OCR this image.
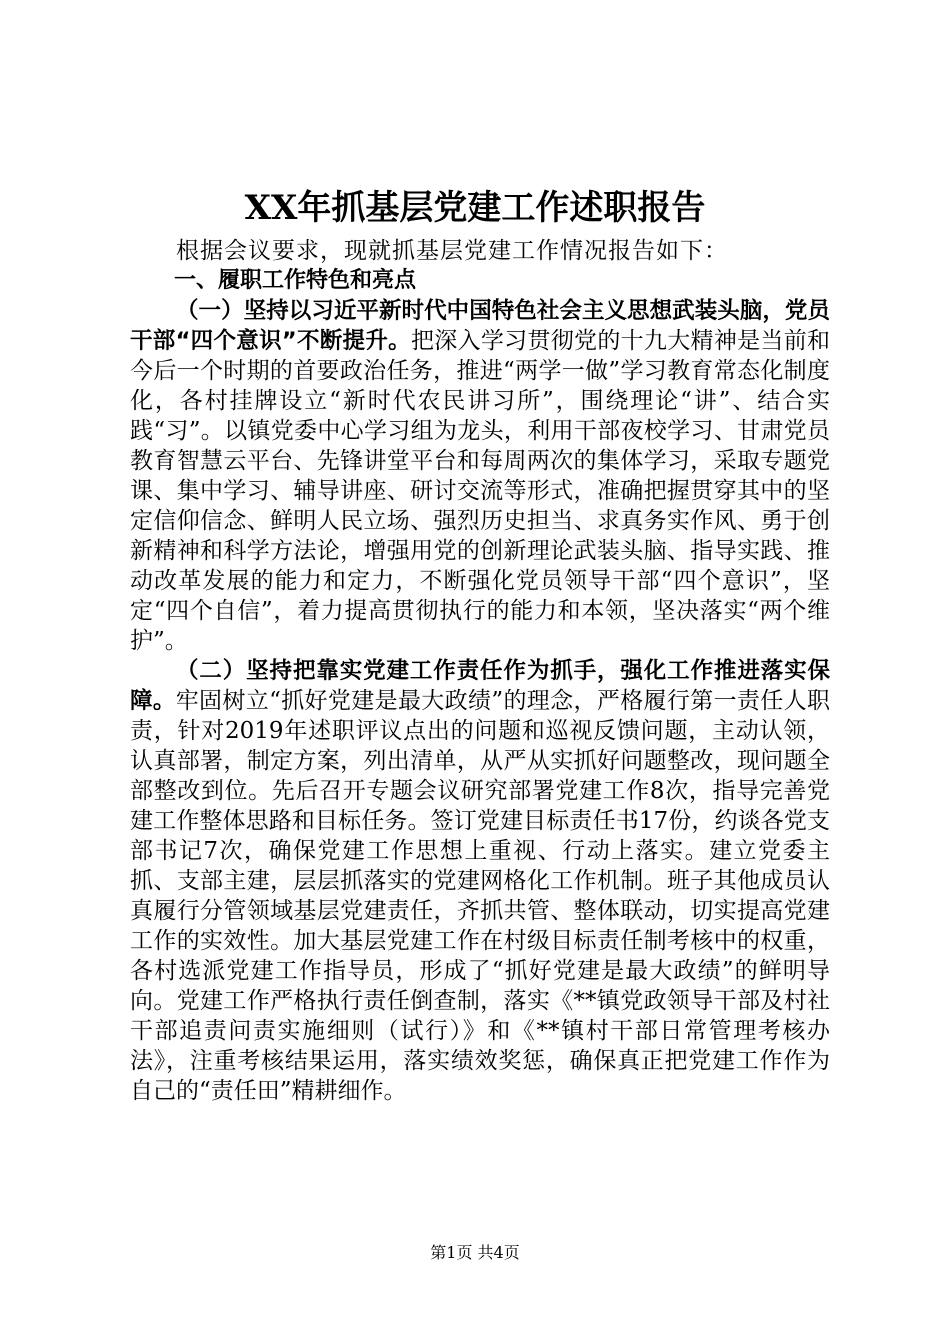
XX年抓基层党建工作述职报告

根据会议要求，现就抓基层党建工作情况报告如下：

一、履职工作特色和亮点

（一）坚持以习近平新时代中国特色社会主义思想武装头脑，党员干部“四个意识”不断提升。把深入学习贯彻党的十九大精神是当前和今后一个时期的首要政治任务，推进“两学一做”学习教育常态化制度化，各村挂牌设立“新时代农民讲习所”，围绕理论“讲”、结合实践“习”。以镇党委中心学习组为龙头，利用干部夜校学习、甘肃党员教育智慧云平台、先锋讲堂平台和每周两次的集体学习，采取专题党课、集中学习、辅导讲座、研讨交流等形式，准确把握贯穿其中的坚定信仰信念、鲜明人民立场、强烈历史担当、求真务实作风、勇于创新精神和科学方法论，增强用党的创新理论武装头脑、指导实践、推动改革发展的能力和定力，不断强化党员领导干部“四个意识”，坚定“四个自信”，着力提高贯彻执行的能力和本领，坚决落实“两个维护”。

（二）坚持把靠实党建工作责任作为抓手，强化工作推进落实保障。牢固树立“抓好党建是最大政绩”的理念，严格履行第一责任人职责，针对2019年述职评议点出的问题和巡视反馈问题，主动认领，认真部署，制定方案，列出清单，从严从实抓好问题整改，现问题全部整改到位。先后召开专题会议研究部署党建工作8次，指导完善党建工作整体思路和目标任务。签订党建目标责任书17份，约谈各党支部书记7次，确保党建工作思想上重视、行动上落实。建立党委主抓、支部主建，层层抓落实的党建网格化工作机制。班子其他成员认真履行分管领域基层党建责任，齐抓共管、整体联动，切实提高党建工作的实效性。加大基层党建工作在村级目标责任制考核中的权重，各村选派党建工作指导员，形成了“抓好党建是最大政绩”的鲜明导向。党建工作严格执行责任倒查制，落实《**镇党政领导干部及村社干部追责问责实施细则（试行）》和《**镇村干部日常管理考核办法》，注重考核结果运用，落实绩效奖惩，确保真正把党建工作作为自己的“责任田”精耕细作。

第1页 共4页
